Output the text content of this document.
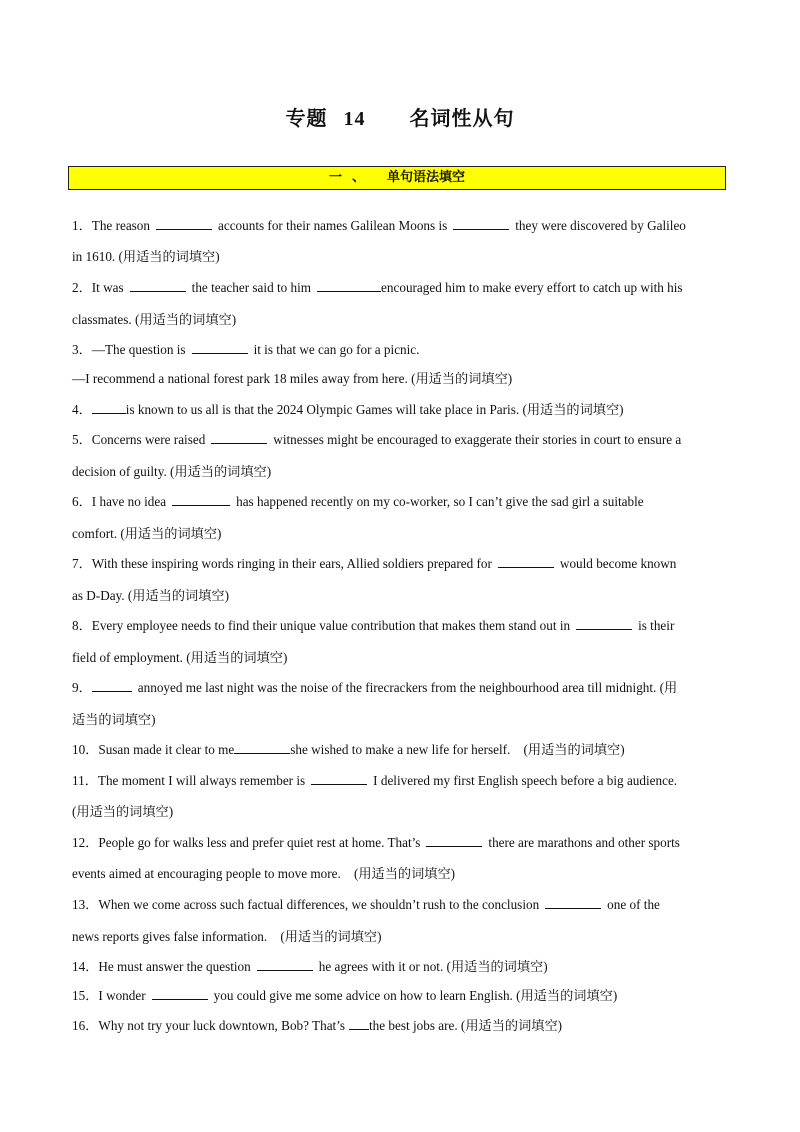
专题 14 名词性从句
一 、 单句语法填空
1．The reason	accounts for their names Galilean Moons is	they were discovered by Galileo
in 1610. (用适当的词填空)
2．It was	the teacher said to him	encouraged him to make every effort to catch up with his
classmates. (用适当的词填空)
3．—The question is	it is that we can go for a picnic.
—I recommend a national forest park 18 miles away from here. (用适当的词填空)
4．	is known to us all is that the 2024 Olympic Games will take place in Paris. (用适当的词填空)
5．Concerns were raised	witnesses might be encouraged to exaggerate their stories in court to ensure a
decision of guilty. (用适当的词填空)
6．I have no idea	has happened recently on my co-worker, so I can’t give the sad girl a suitable
comfort. (用适当的词填空)
7．With these inspiring words ringing in their ears, Allied soldiers prepared for	would become known
as D-Day. (用适当的词填空)
8．Every employee needs to find their unique value contribution that makes them stand out in	is their
field of employment. (用适当的词填空)
9．	annoyed me last night was the noise of the firecrackers from the neighbourhood area till midnight. (用
适当的词填空)
10．Susan made it clear to me	she wished to make a new life for herself.　(用适当的词填空)
11．The moment I will always remember is	I delivered my first English speech before a big audience.
(用适当的词填空)
12．People go for walks less and prefer quiet rest at home. That’s	there are marathons and other sports
events aimed at encouraging people to move more.　(用适当的词填空)
13．When we come across such factual differences, we shouldn’t rush to the conclusion	one of the
news reports gives false information.　(用适当的词填空)
14．He must answer the question	he agrees with it or not. (用适当的词填空)
15．I wonder	you could give me some advice on how to learn English. (用适当的词填空)
16．Why not try your luck downtown, Bob? That’s the best jobs are. (用适当的词填空)
